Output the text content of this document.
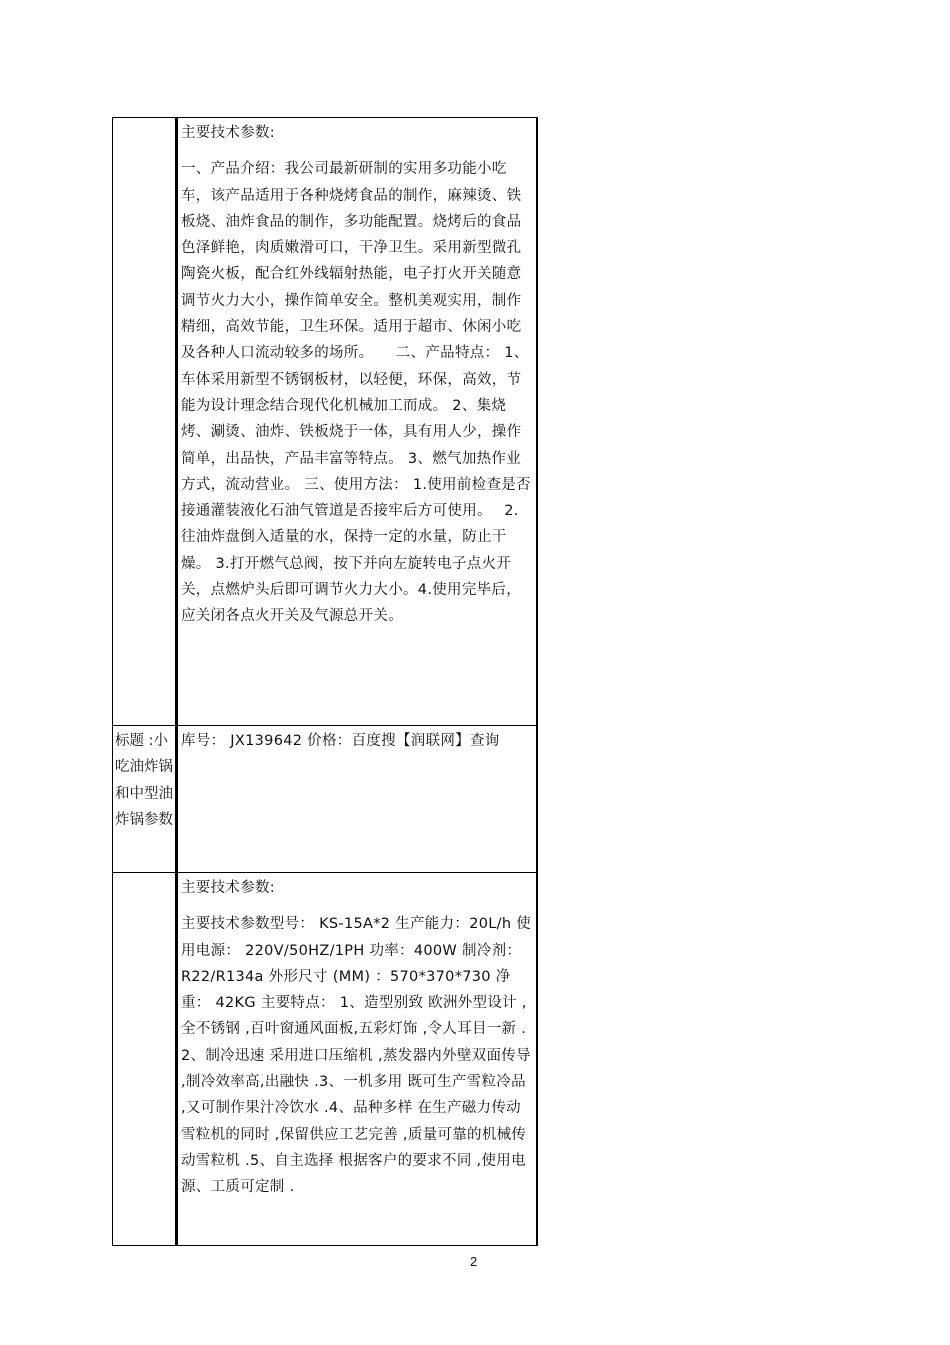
	主要技术参数:
一、产品介绍：我公司最新研制的实用多功能小吃车，该产品适用于各种烧烤食品的制作，麻辣烫、铁板烧、油炸食品的制作，多功能配置。烧烤后的食品色泽鲜艳，肉质嫩滑可口，干净卫生。采用新型微孔陶瓷火板，配合红外线辐射热能，电子打火开关随意调节火力大小，操作简单安全。整机美观实用，制作精细，高效节能，卫生环保。适用于超市、休闲小吃及各种人口流动较多的场所。　　二、产品特点： 1、车体采用新型不锈钢板材，以轻便，环保，高效，节能为设计理念结合现代化机械加工而成。 2、集烧烤、涮烫、油炸、铁板烧于一体，具有用人少，操作简单，出品快，产品丰富等特点。 3、燃气加热作业方式，流动营业。 三、使用方法： 1.使用前检查是否接通灌装液化石油气管道是否接牢后方可使用。　 2.往油炸盘倒入适量的水，保持一定的水量，防止干燥。 3.打开燃气总阀，按下并向左旋转电子点火开关，点燃炉头后即可调节火力大小。4.使用完毕后，应关闭各点火开关及气源总开关。

标题 :小吃油炸锅和中型油炸锅参数	库号： JX139642 价格：百度搜【润联网】查询

	主要技术参数:
主要技术参数型号： KS-15A*2 生产能力：20L/h 使用电源： 220V/50HZ/1PH 功率：400W 制冷剂： R22/R134a 外形尺寸 (MM) ：570*370*730 净重： 42KG 主要特点： 1、造型别致 欧洲外型设计 ,全不锈钢 ,百叶窗通风面板,五彩灯饰 ,令人耳目一新 .2、制冷迅速 采用进口压缩机 ,蒸发器内外壁双面传导 ,制冷效率高,出融快 .3、一机多用 既可生产雪粒冷品 ,又可制作果汁冷饮水 .4、品种多样 在生产磁力传动雪粒机的同时 ,保留供应工艺完善 ,质量可靠的机械传动雪粒机 .5、自主选择 根据客户的要求不同 ,使用电源、工质可定制 .
2
